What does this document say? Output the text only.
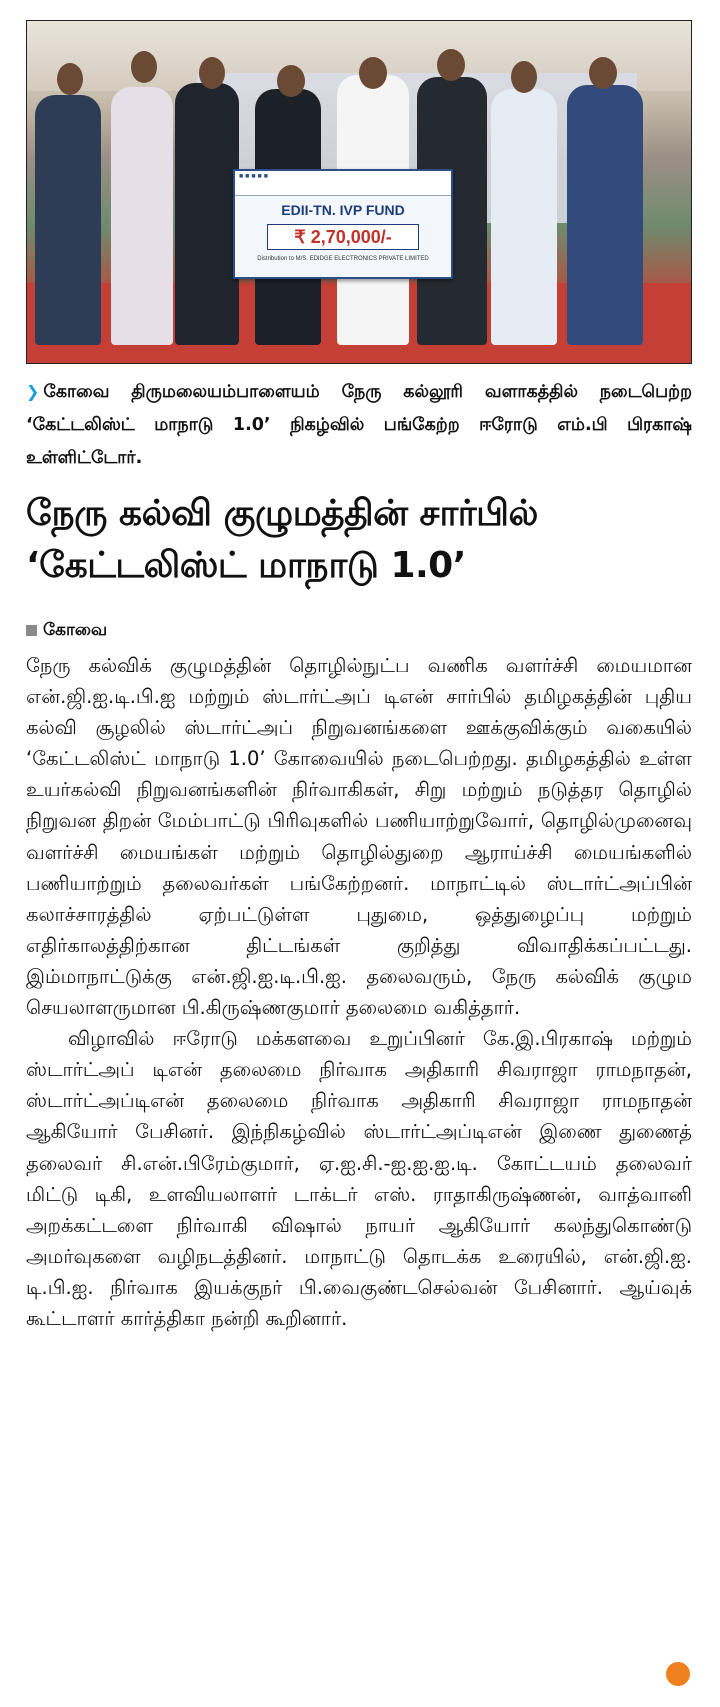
■ ■ ■ ■ ■
EDII-TN. IVP FUND
₹ 2,70,000/-
Distribution to M/S. EDIDGE ELECTRONICS PRIVATE LIMITED
❯ கோவை திருமலையம்பாளையம் நேரு கல்லூரி வளாகத்தில் நடைபெற்ற ‘கேட்டலிஸ்ட் மாநாடு 1.0’ நிகழ்வில் பங்கேற்ற ஈரோடு எம்.பி பிரகாஷ் உள்ளிட்டோர்.
நேரு கல்வி குழுமத்தின் சார்பில்
‘கேட்டலிஸ்ட் மாநாடு 1.0’
கோவை

நேரு கல்விக் குழுமத்தின் தொழில்நுட்ப வணிக வளர்ச்சி மையமான என்.ஜி.ஐ.டி.பி.ஐ மற்றும் ஸ்டார்ட்அப் டிஎன் சார்பில் தமிழகத்தின் புதிய கல்வி சூழலில் ஸ்டார்ட்அப் நிறுவனங்களை ஊக்குவிக்கும் வகையில் ‘கேட்டலிஸ்ட் மாநாடு 1.0’ கோவையில் நடைபெற்றது. தமிழகத்தில் உள்ள உயர்கல்வி நிறுவனங்களின் நிர்வாகிகள், சிறு மற்றும் நடுத்தர தொழில் நிறுவன திறன் மேம்பாட்டு பிரிவுகளில் பணியாற்றுவோர், தொழில்முனைவு வளர்ச்சி மையங்கள் மற்றும் தொழில்துறை ஆராய்ச்சி மையங்களில் பணியாற்றும் தலைவர்கள் பங்கேற்றனர். மாநாட்டில் ஸ்டார்ட்அப்பின் கலாச்சாரத்தில் ஏற்பட்டுள்ள புதுமை, ஒத்துழைப்பு மற்றும் எதிர்காலத்திற்கான திட்டங்கள் குறித்து விவாதிக்கப்பட்டது. இம்மாநாட்டுக்கு என்.ஜி.ஐ.டி.பி.ஐ. தலைவரும், நேரு கல்விக் குழும செயலாளருமான பி.கிருஷ்ணகுமார் தலைமை வகித்தார்.

விழாவில் ஈரோடு மக்களவை உறுப்பினர் கே.இ.பிரகாஷ் மற்றும் ஸ்டார்ட்அப் டிஎன் தலைமை நிர்வாக அதிகாரி சிவராஜா ராமநாதன், ஸ்டார்ட்அப்டிஎன் தலைமை நிர்வாக அதிகாரி சிவராஜா ராமநாதன் ஆகியோர் பேசினர். இந்நிகழ்வில் ஸ்டார்ட்அப்டிஎன் இணை துணைத் தலைவர் சி.என்.பிரேம்குமார், ஏ.ஐ.சி.-ஐ.ஐ.ஐ.டி. கோட்டயம் தலைவர் மிட்டு டிகி, உளவியலாளர் டாக்டர் எஸ். ராதாகிருஷ்ணன், வாத்வானி அறக்கட்டளை நிர்வாகி விஷால் நாயர் ஆகியோர் கலந்துகொண்டு அமர்வுகளை வழிநடத்தினர். மாநாட்டு தொடக்க உரையில், என்.ஜி.ஐ. டி.பி.ஐ. நிர்வாக இயக்குநர் பி.வைகுண்டசெல்வன் பேசினார். ஆய்வுக் கூட்டாளர் கார்த்திகா நன்றி கூறினார்.
